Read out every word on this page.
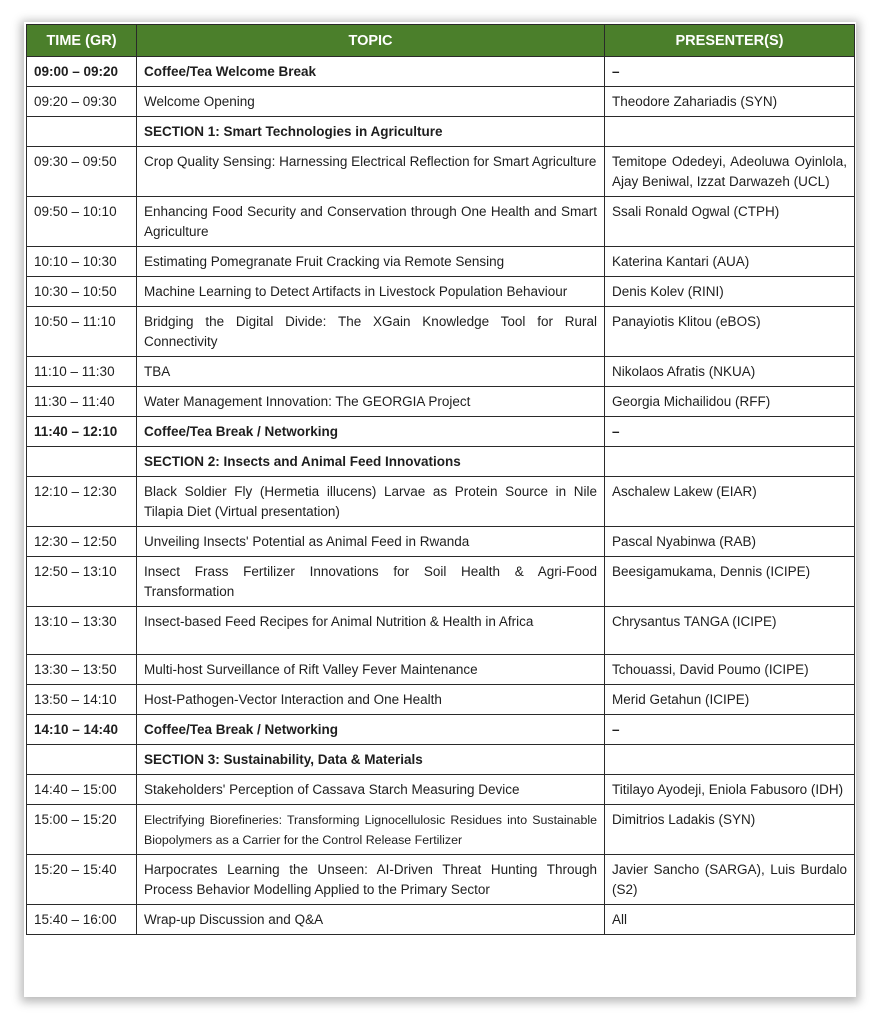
TIME (GR)	TOPIC	PRESENTER(S)
09:00 – 09:20	Coffee/Tea Welcome Break	–
09:20 – 09:30	Welcome Opening	Theodore Zahariadis (SYN)
	SECTION 1: Smart Technologies in Agriculture	
09:30 – 09:50	Crop Quality Sensing: Harnessing Electrical Reflection for Smart Agriculture	Temitope Odedeyi, Adeoluwa Oyinlola, Ajay Beniwal, Izzat Darwazeh (UCL)
09:50 – 10:10	Enhancing Food Security and Conservation through One Health and Smart Agriculture	Ssali Ronald Ogwal (CTPH)
10:10 – 10:30	Estimating Pomegranate Fruit Cracking via Remote Sensing	Katerina Kantari (AUA)
10:30 – 10:50	Machine Learning to Detect Artifacts in Livestock Population Behaviour	Denis Kolev (RINI)
10:50 – 11:10	Bridging the Digital Divide: The XGain Knowledge Tool for Rural Connectivity	Panayiotis Klitou (eBOS)
11:10 – 11:30	TBA	Nikolaos Afratis (NKUA)
11:30 – 11:40	Water Management Innovation: The GEORGIA Project	Georgia Michailidou (RFF)
11:40 – 12:10	Coffee/Tea Break / Networking	–
	SECTION 2: Insects and Animal Feed Innovations	
12:10 – 12:30	Black Soldier Fly (Hermetia illucens) Larvae as Protein Source in Nile Tilapia Diet (Virtual presentation)	Aschalew Lakew (EIAR)
12:30 – 12:50	Unveiling Insects' Potential as Animal Feed in Rwanda	Pascal Nyabinwa (RAB)
12:50 – 13:10	Insect Frass Fertilizer Innovations for Soil Health & Agri-Food Transformation	Beesigamukama, Dennis (ICIPE)
13:10 – 13:30	Insect-based Feed Recipes for Animal Nutrition & Health in Africa	Chrysantus TANGA (ICIPE)
13:30 – 13:50	Multi-host Surveillance of Rift Valley Fever Maintenance	Tchouassi, David Poumo (ICIPE)
13:50 – 14:10	Host-Pathogen-Vector Interaction and One Health	Merid Getahun (ICIPE)
14:10 – 14:40	Coffee/Tea Break / Networking	–
	SECTION 3: Sustainability, Data & Materials	
14:40 – 15:00	Stakeholders' Perception of Cassava Starch Measuring Device	Titilayo Ayodeji, Eniola Fabusoro (IDH)
15:00 – 15:20	Electrifying Biorefineries: Transforming Lignocellulosic Residues into Sustainable Biopolymers as a Carrier for the Control Release Fertilizer	Dimitrios Ladakis (SYN)
15:20 – 15:40	Harpocrates Learning the Unseen: AI-Driven Threat Hunting Through Process Behavior Modelling Applied to the Primary Sector	Javier Sancho (SARGA), Luis Burdalo (S2)
15:40 – 16:00	Wrap-up Discussion and Q&A	All
